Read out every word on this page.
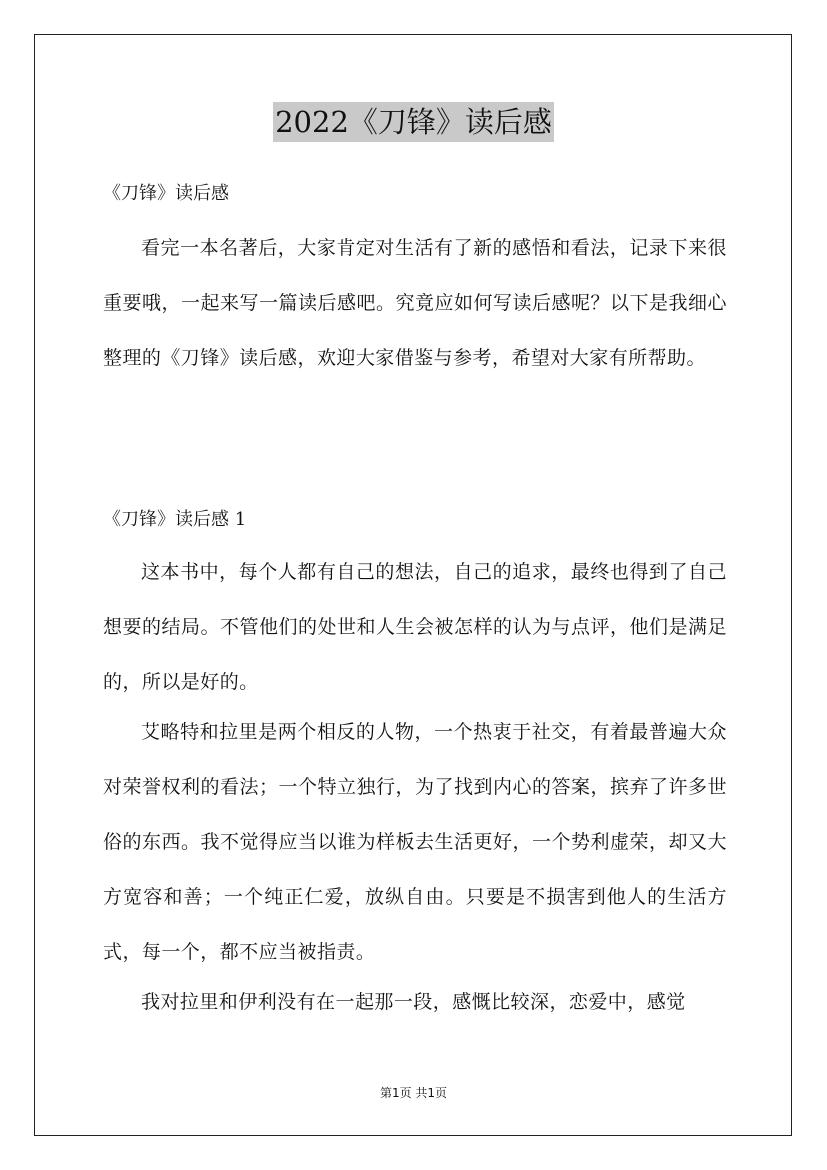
2022《刀锋》读后感

《刀锋》读后感

看完一本名著后，大家肯定对生活有了新的感悟和看法，记录下来很重要哦，一起来写一篇读后感吧。究竟应如何写读后感呢？以下是我细心整理的《刀锋》读后感，欢迎大家借鉴与参考，希望对大家有所帮助。

《刀锋》读后感 1

这本书中，每个人都有自己的想法，自己的追求，最终也得到了自己想要的结局。不管他们的处世和人生会被怎样的认为与点评，他们是满足的，所以是好的。

艾略特和拉里是两个相反的人物，一个热衷于社交，有着最普遍大众对荣誉权利的看法；一个特立独行，为了找到内心的答案，摈弃了许多世俗的东西。我不觉得应当以谁为样板去生活更好，一个势利虚荣，却又大方宽容和善；一个纯正仁爱，放纵自由。只要是不损害到他人的生活方式，每一个，都不应当被指责。

我对拉里和伊利没有在一起那一段，感慨比较深，恋爱中，感觉

第1页 共1页
